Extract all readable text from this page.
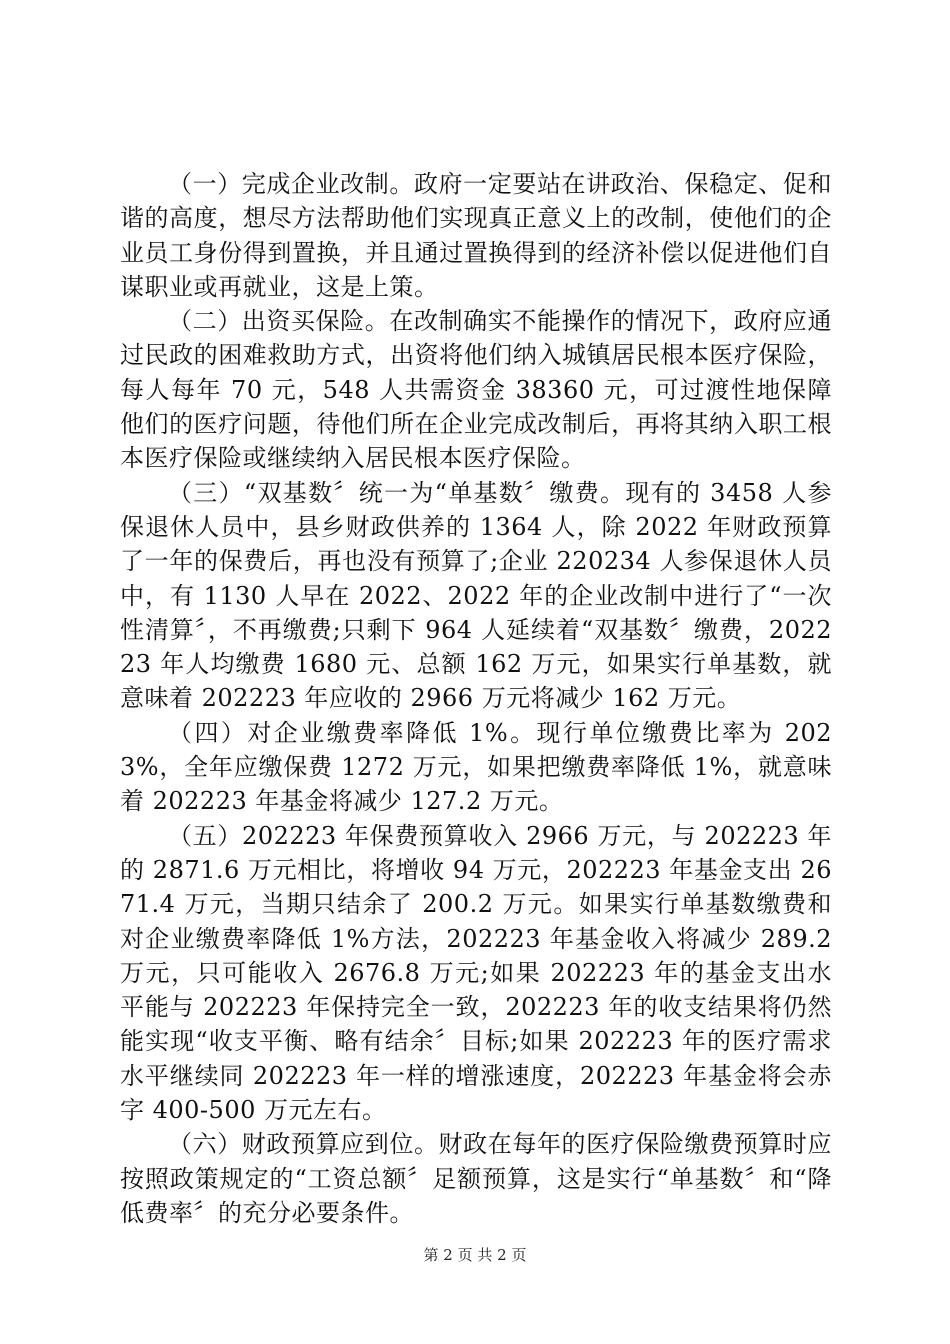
（一）完成企业改制。政府一定要站在讲政治、保稳定、促和谐的高度，想尽方法帮助他们实现真正意义上的改制，使他们的企业员工身份得到置换，并且通过置换得到的经济补偿以促进他们自谋职业或再就业，这是上策。

（二）出资买保险。在改制确实不能操作的情况下，政府应通过民政的困难救助方式，出资将他们纳入城镇居民根本医疗保险，每人每年 70 元，548 人共需资金 38360 元，可过渡性地保障他们的医疗问题，待他们所在企业完成改制后，再将其纳入职工根本医疗保险或继续纳入居民根本医疗保险。

（三）“双基数〞统一为“单基数〞缴费。现有的 3458 人参保退休人员中，县乡财政供养的 1364 人，除 2022 年财政预算了一年的保费后，再也没有预算了;企业 220234 人参保退休人员中，有 1130 人早在 2022、2022 年的企业改制中进行了“一次性清算〞，不再缴费;只剩下 964 人延续着“双基数〞缴费，202223 年人均缴费 1680 元、总额 162 万元，如果实行单基数，就意味着 202223 年应收的 2966 万元将减少 162 万元。

（四）对企业缴费率降低 1%。现行单位缴费比率为 2023%，全年应缴保费 1272 万元，如果把缴费率降低 1%，就意味着 202223 年基金将减少 127.2 万元。

（五）202223 年保费预算收入 2966 万元，与 202223 年的 2871.6 万元相比，将增收 94 万元，202223 年基金支出 2671.4 万元，当期只结余了 200.2 万元。如果实行单基数缴费和对企业缴费率降低 1%方法，202223 年基金收入将减少 289.2 万元，只可能收入 2676.8 万元;如果 202223 年的基金支出水平能与 202223 年保持完全一致，202223 年的收支结果将仍然能实现“收支平衡、略有结余〞目标;如果 202223 年的医疗需求水平继续同 202223 年一样的增涨速度，202223 年基金将会赤字 400-500 万元左右。

（六）财政预算应到位。财政在每年的医疗保险缴费预算时应按照政策规定的“工资总额〞足额预算，这是实行“单基数〞和“降低费率〞的充分必要条件。

第 2 页 共 2 页
